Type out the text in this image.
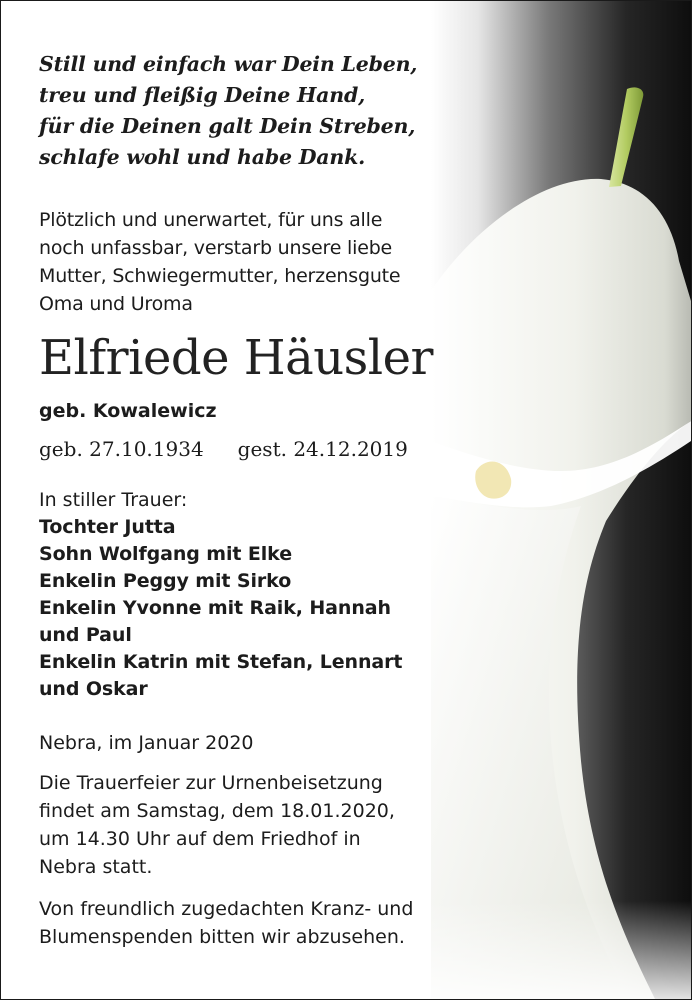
Still und einfach war Dein Leben,
treu und fleißig Deine Hand,
für die Deinen galt Dein Streben,
schlafe wohl und habe Dank.
Plötzlich und unerwartet, für uns alle
noch unfassbar, verstarb unsere liebe
Mutter, Schwiegermutter, herzensgute
Oma und Uroma
Elfriede Häusler
geb. Kowalewicz
geb. 27.10.1934 gest. 24.12.2019
In stiller Trauer:
Tochter Jutta
Sohn Wolfgang mit Elke
Enkelin Peggy mit Sirko
Enkelin Yvonne mit Raik, Hannah
und Paul
Enkelin Katrin mit Stefan, Lennart
und Oskar
Nebra, im Januar 2020
Die Trauerfeier zur Urnenbeisetzung
findet am Samstag, dem 18.01.2020,
um 14.30 Uhr auf dem Friedhof in
Nebra statt.
Von freundlich zugedachten Kranz- und
Blumenspenden bitten wir abzusehen.
